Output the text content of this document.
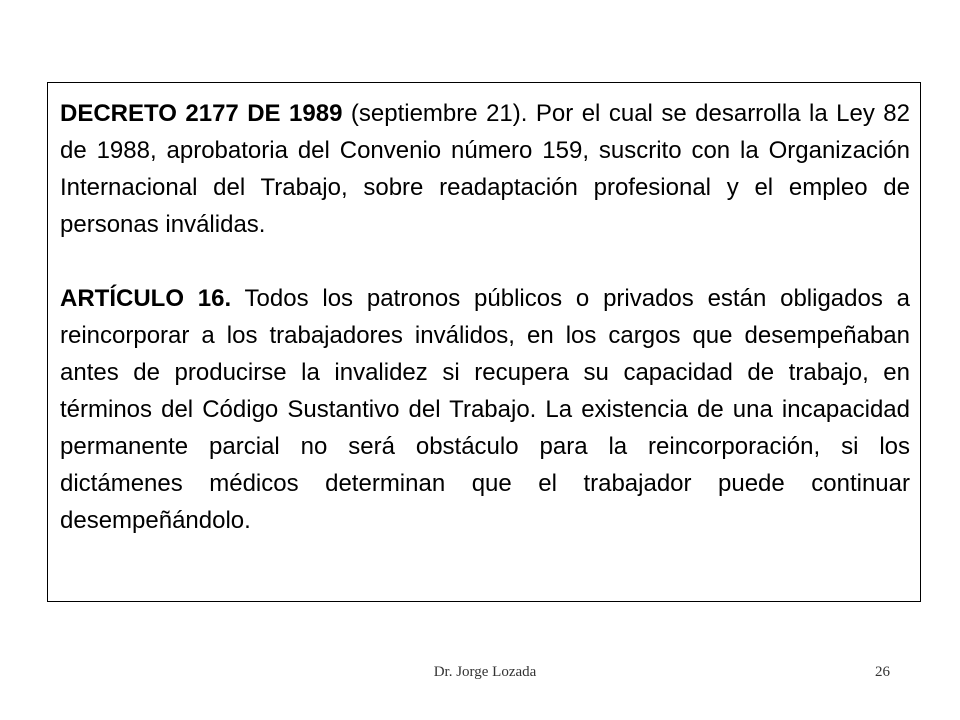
DECRETO 2177 DE 1989 (septiembre 21). Por el cual se desarrolla la Ley 82 de 1988, aprobatoria del Convenio número 159, suscrito con la Organización Internacional del Trabajo, sobre readaptación profesional y el empleo de personas inválidas.

ARTÍCULO 16. Todos los patronos públicos o privados están obligados a reincorporar a los trabajadores inválidos, en los cargos que desempeñaban antes de producirse la invalidez si recupera su capacidad de trabajo, en términos del Código Sustantivo del Trabajo. La existencia de una incapacidad permanente parcial no será obstáculo para la reincorporación, si los dictámenes médicos determinan que el trabajador puede continuar desempeñándolo.

Dr. Jorge Lozada	26
